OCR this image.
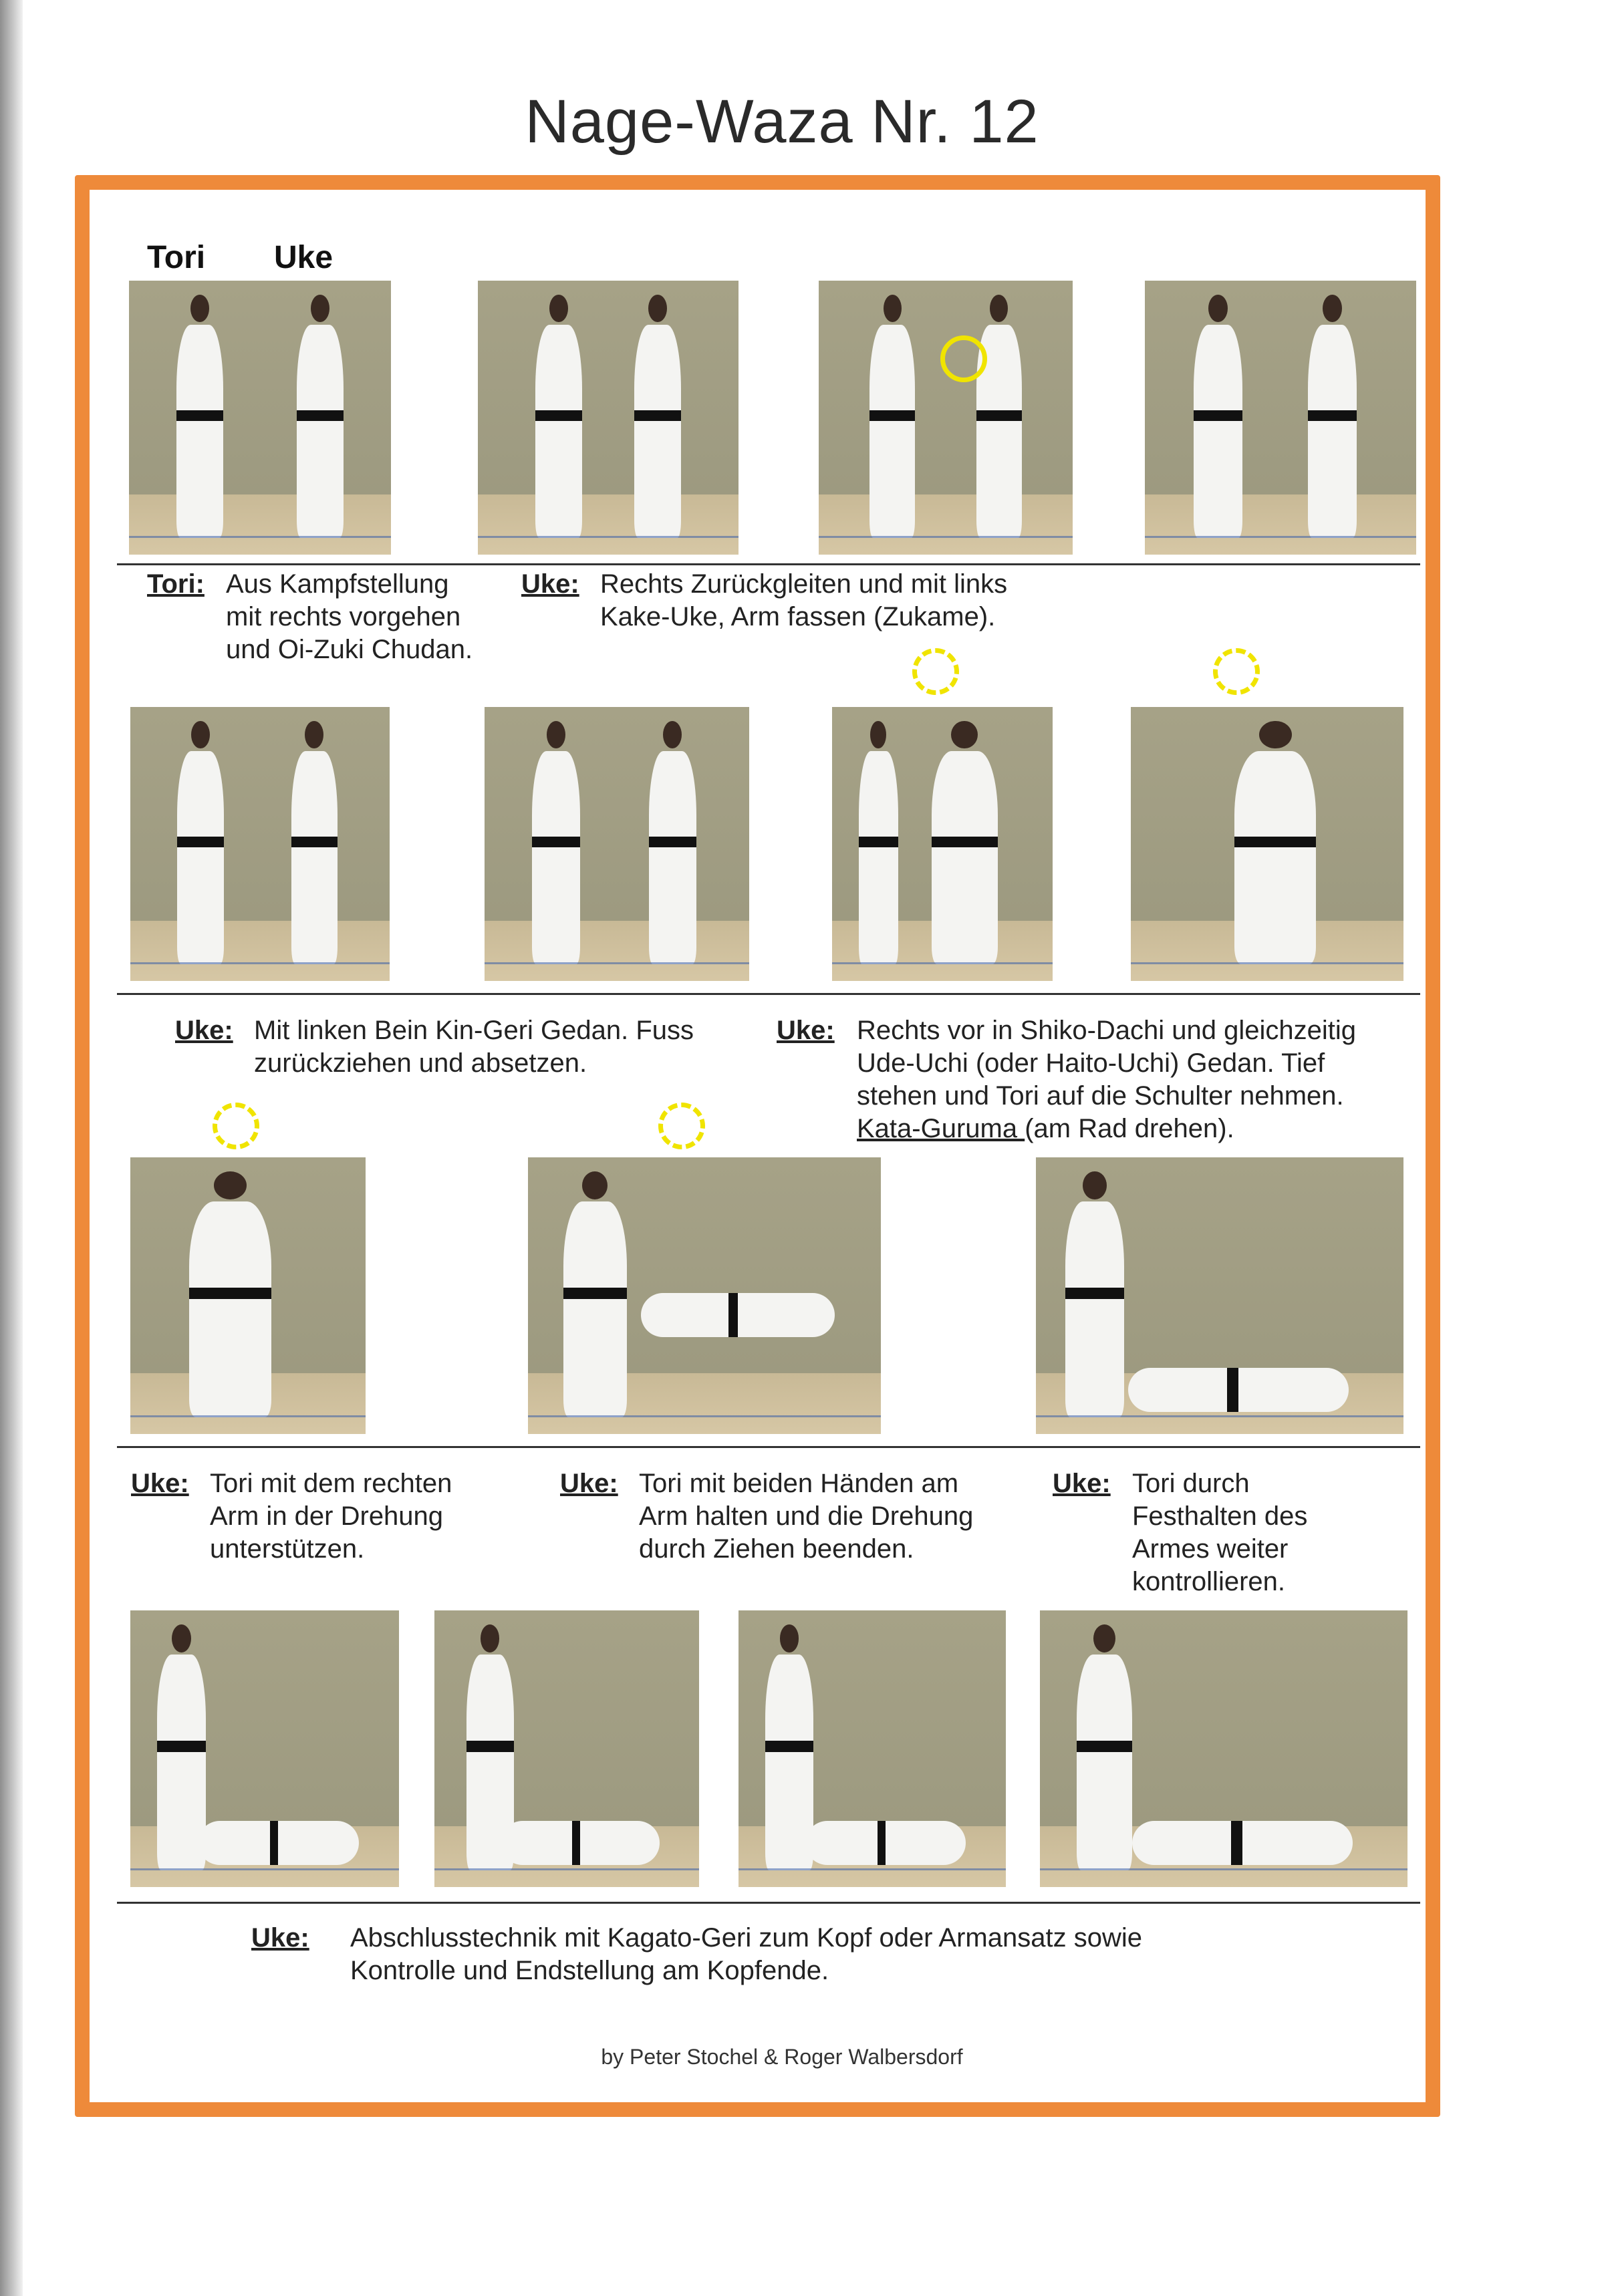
Nage-Waza Nr. 12
Tori Uke
Tori: Aus Kampfstellung
mit rechts vorgehen
und Oi-Zuki Chudan.
Uke: Rechts Zurückgleiten und mit links
Kake-Uke, Arm fassen (Zukame).
Uke: Mit linken Bein Kin-Geri Gedan. Fuss
zurückziehen und absetzen.
Uke: Rechts vor in Shiko-Dachi und gleichzeitig
Ude-Uchi (oder Haito-Uchi) Gedan. Tief
stehen und Tori auf die Schulter nehmen.
Kata-Guruma (am Rad drehen).
Uke: Tori mit dem rechten
Arm in der Drehung
unterstützen.
Uke: Tori mit beiden Händen am
Arm halten und die Drehung
durch Ziehen beenden.
Uke: Tori durch
Festhalten des
Armes weiter
kontrollieren.
Uke: Abschlusstechnik mit Kagato-Geri zum Kopf oder Armansatz sowie
Kontrolle und Endstellung am Kopfende.
by Peter Stochel & Roger Walbersdorf
